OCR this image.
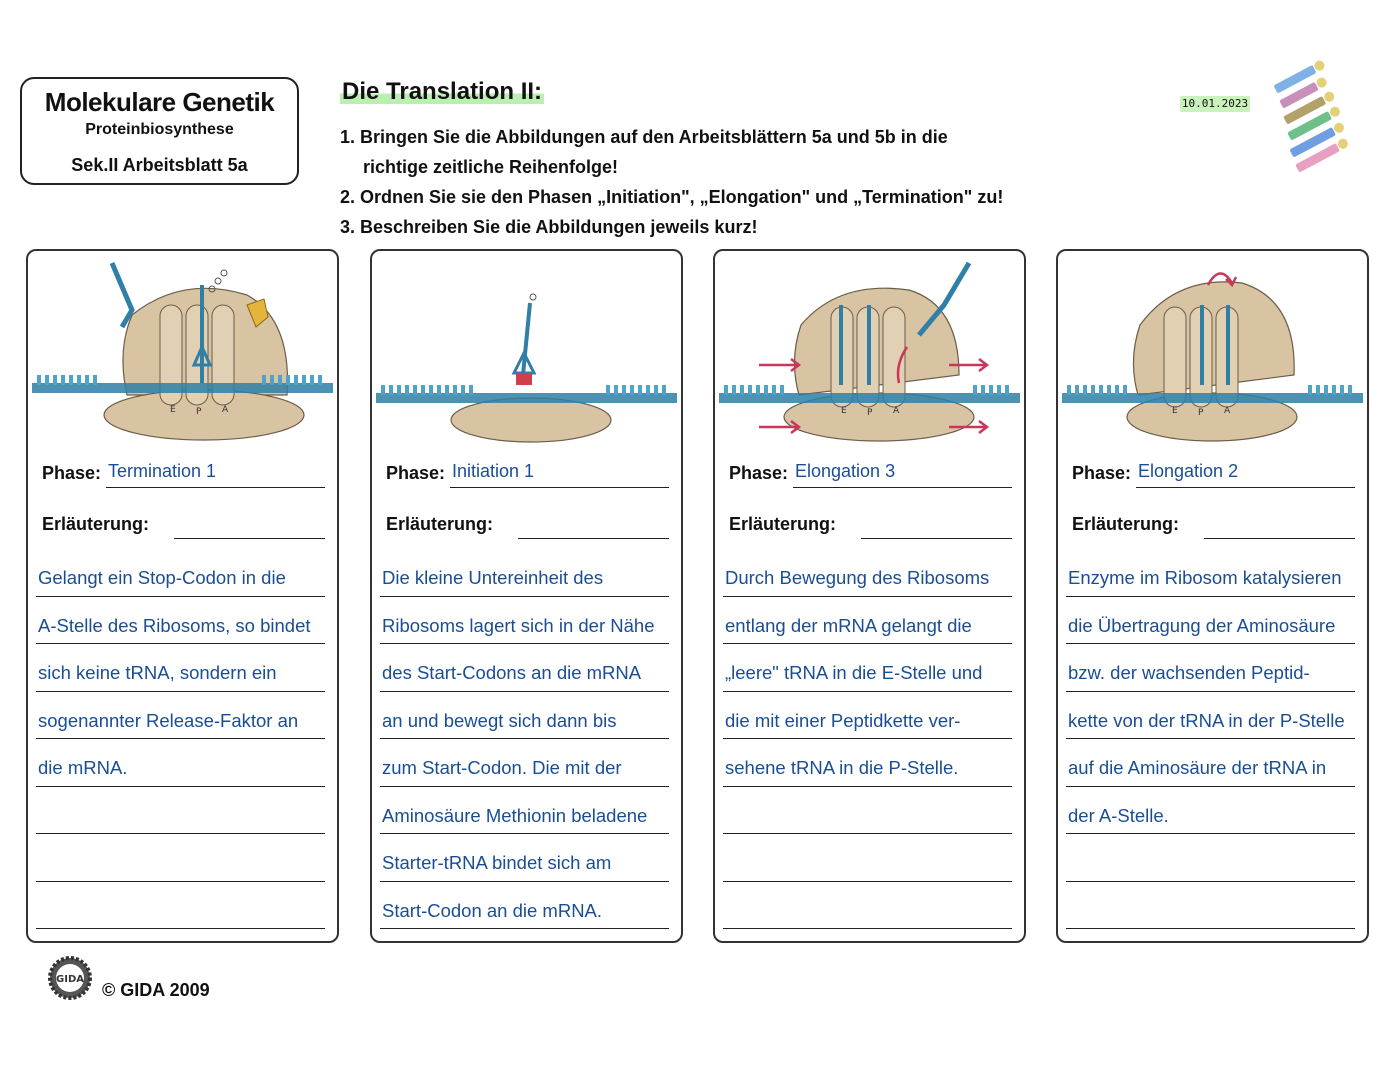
Molekulare Genetik
Proteinbiosynthese
Sek.II Arbeitsblatt 5a
Die Translation II:
1. Bringen Sie die Abbildungen auf den Arbeitsblättern 5a und 5b in die
richtige zeitliche Reihenfolge!
2. Ordnen Sie sie den Phasen „Initiation", „Elongation" und „Termination" zu!
3. Beschreiben Sie die Abbildungen jeweils kurz!
10.01.2023
E P A
Phase: Termination 1
Erläuterung:
Gelangt ein Stop-Codon in die
A-Stelle des Ribosoms, so bindet
sich keine tRNA, sondern ein
sogenannter Release-Faktor an
die mRNA.
Phase: Initiation 1
Erläuterung:
Die kleine Untereinheit des
Ribosoms lagert sich in der Nähe
des Start-Codons an die mRNA
an und bewegt sich dann bis
zum Start-Codon. Die mit der
Aminosäure Methionin beladene
Starter-tRNA bindet sich am
Start-Codon an die mRNA.
E P A
Phase: Elongation 3
Erläuterung:
Durch Bewegung des Ribosoms
entlang der mRNA gelangt die
„leere" tRNA in die E-Stelle und
die mit einer Peptidkette ver-
sehene tRNA in die P-Stelle.
E P A
Phase: Elongation 2
Erläuterung:
Enzyme im Ribosom katalysieren
die Übertragung der Aminosäure
bzw. der wachsenden Peptid-
kette von der tRNA in der P-Stelle
auf die Aminosäure der tRNA in
der A-Stelle.
GIDA
© GIDA 2009
